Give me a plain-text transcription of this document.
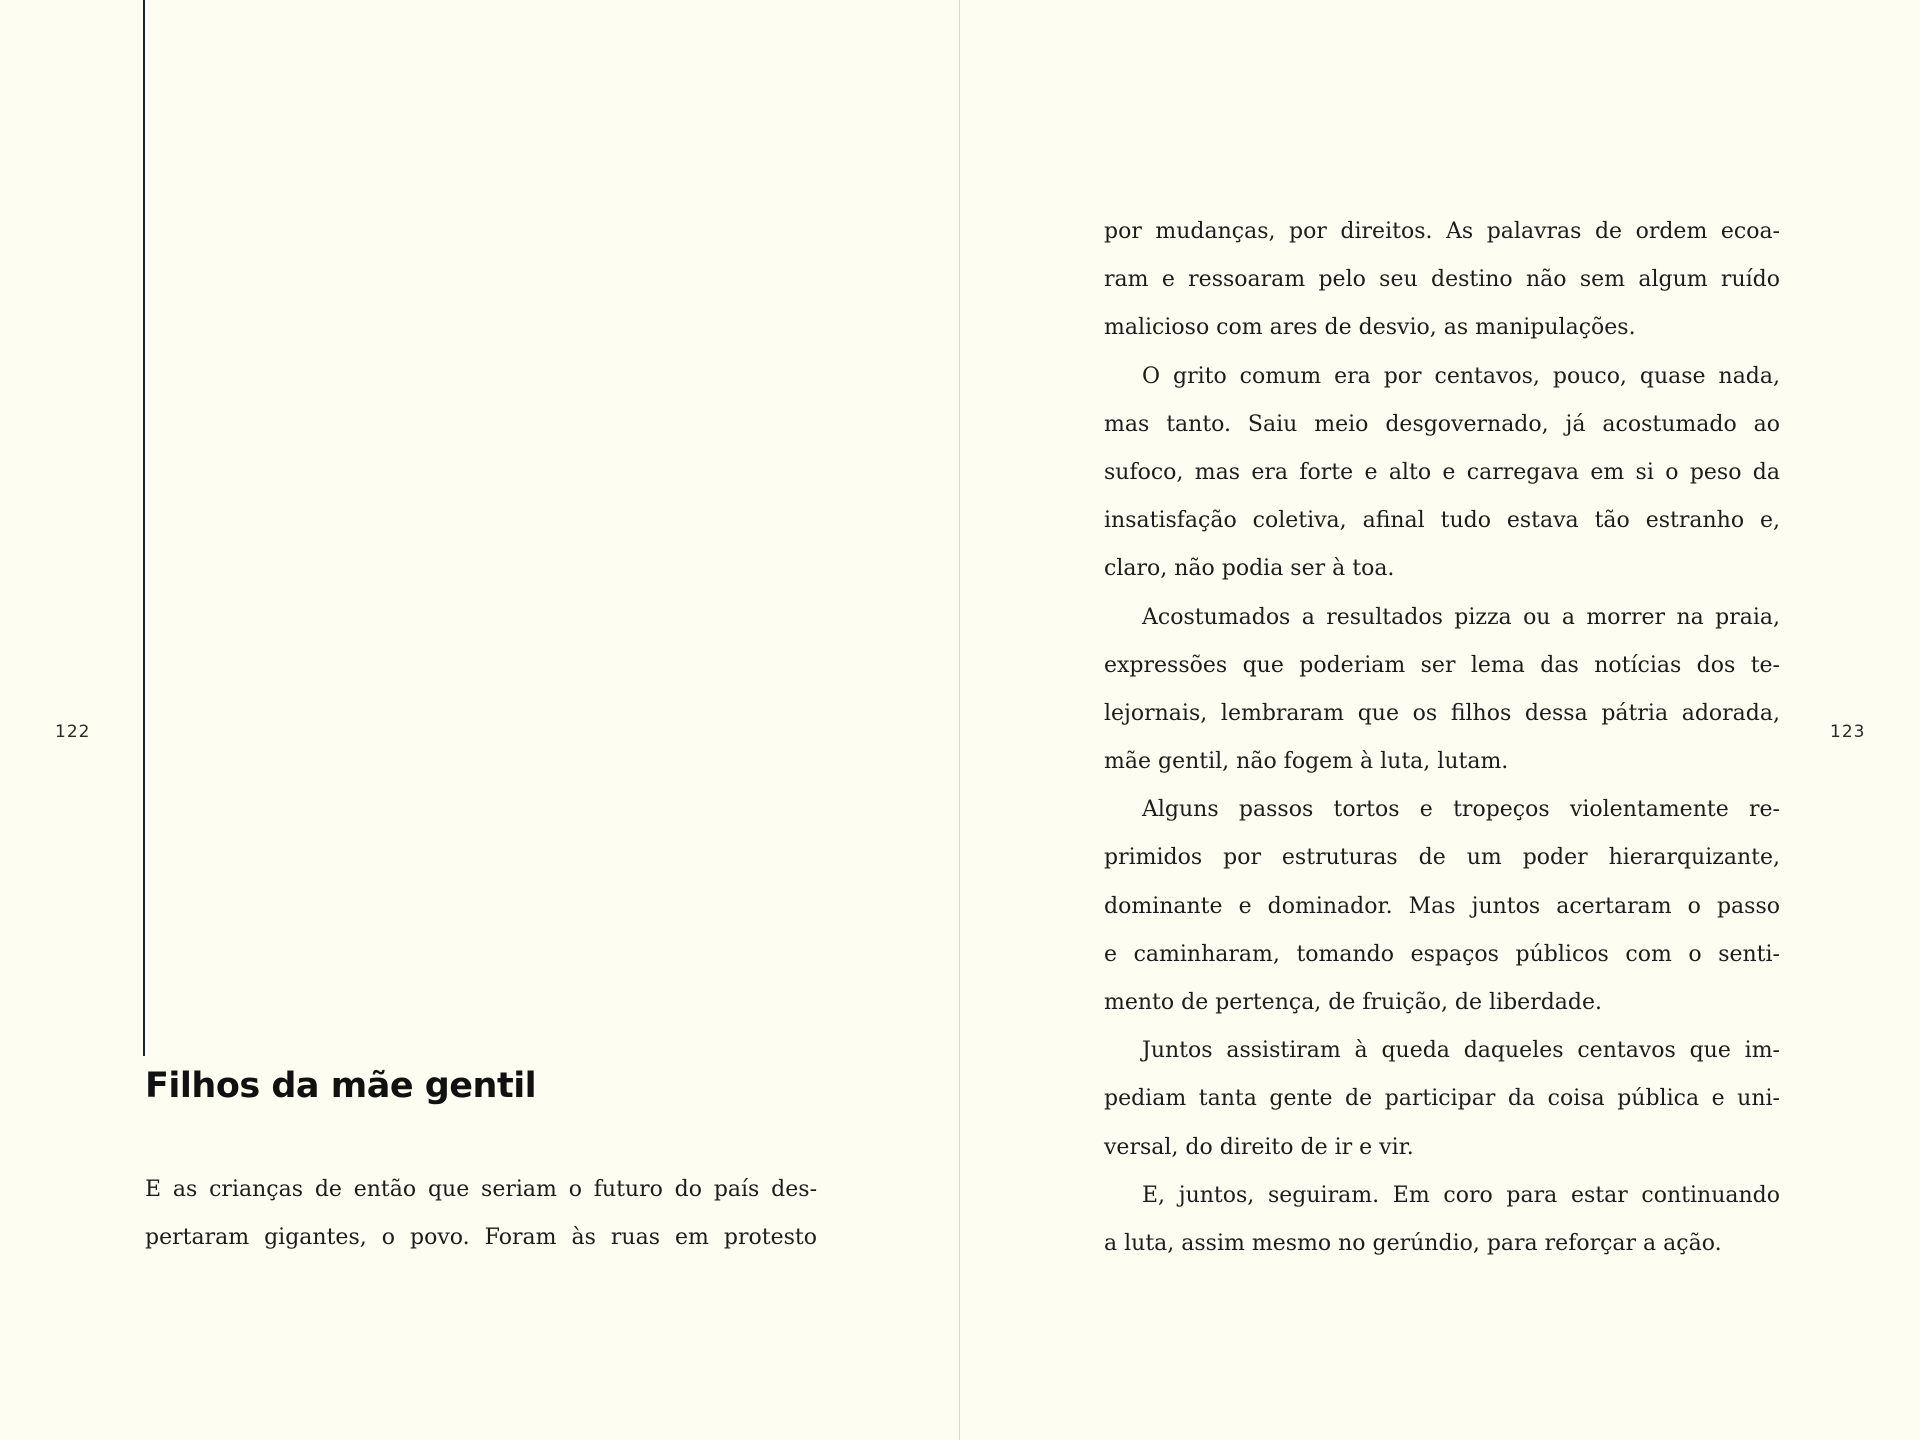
122
Filhos da mãe gentil
E as crianças de então que seriam o futuro do país des-
pertaram gigantes, o povo. Foram às ruas em protesto
123
por mudanças, por direitos. As palavras de ordem ecoa-
ram e ressoaram pelo seu destino não sem algum ruído
malicioso com ares de desvio, as manipulações.
O grito comum era por centavos, pouco, quase nada,
mas tanto. Saiu meio desgovernado, já acostumado ao
sufoco, mas era forte e alto e carregava em si o peso da
insatisfação coletiva, afinal tudo estava tão estranho e,
claro, não podia ser à toa.
Acostumados a resultados pizza ou a morrer na praia,
expressões que poderiam ser lema das notícias dos te-
lejornais, lembraram que os filhos dessa pátria adorada,
mãe gentil, não fogem à luta, lutam.
Alguns passos tortos e tropeços violentamente re-
primidos por estruturas de um poder hierarquizante,
dominante e dominador. Mas juntos acertaram o passo
e caminharam, tomando espaços públicos com o senti-
mento de pertença, de fruição, de liberdade.
Juntos assistiram à queda daqueles centavos que im-
pediam tanta gente de participar da coisa pública e uni-
versal, do direito de ir e vir.
E, juntos, seguiram. Em coro para estar continuando
a luta, assim mesmo no gerúndio, para reforçar a ação.
